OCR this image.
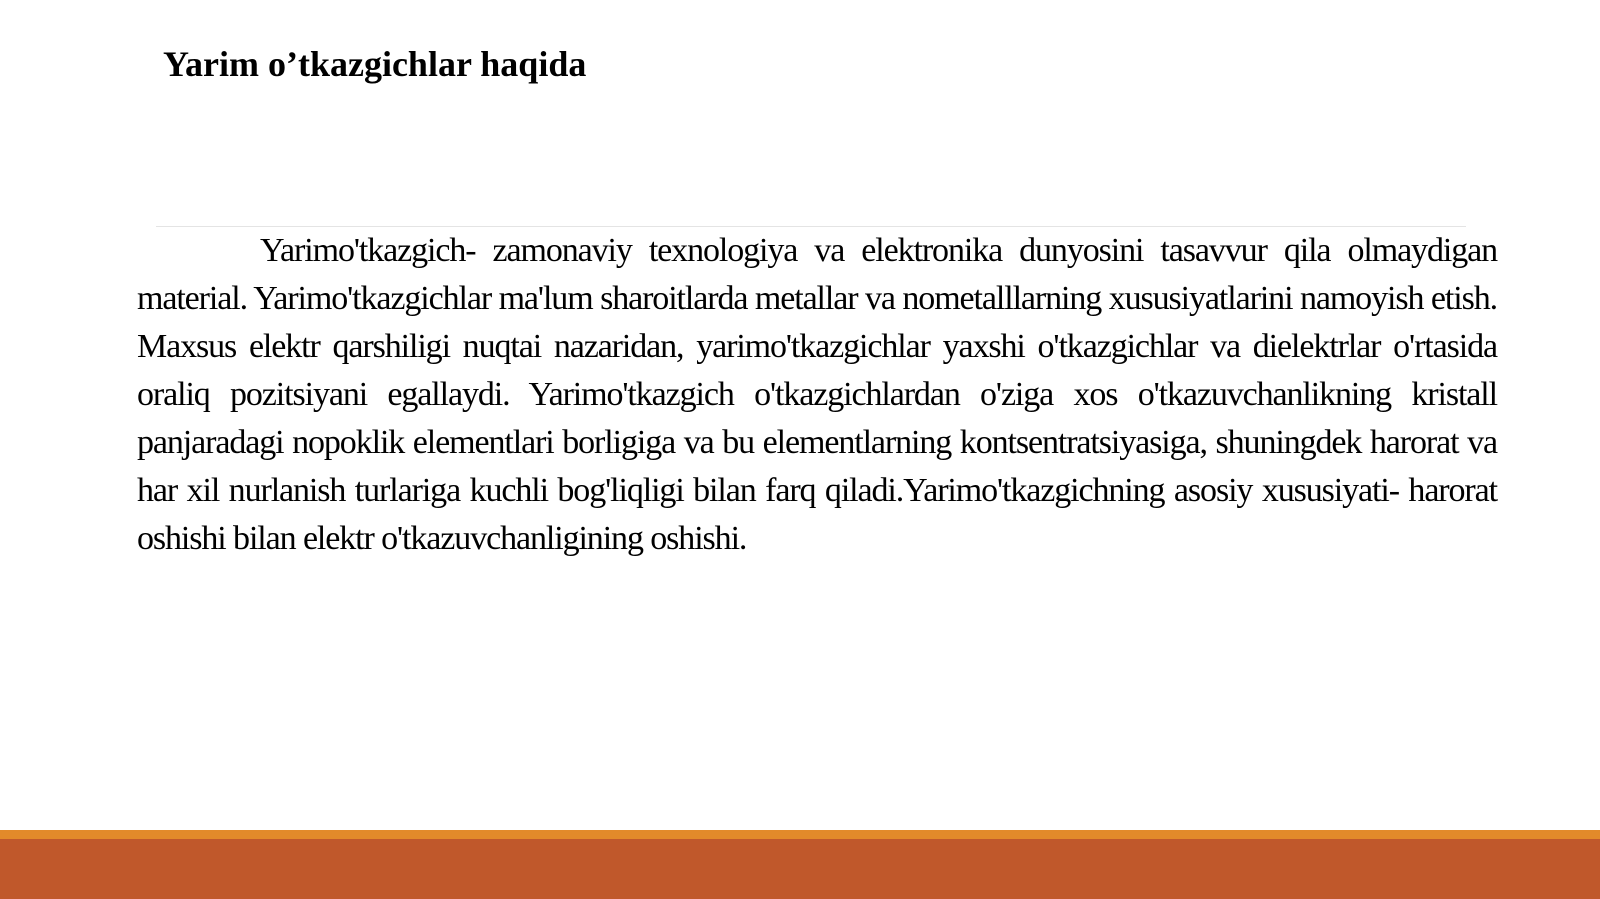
Yarim o’tkazgichlar haqida

Yarimo'tkazgich- zamonaviy texnologiya va elektronika dunyosini tasavvur qila olmaydigan material. Yarimo'tkazgichlar ma'lum sharoitlarda metallar va nometalllarning xususiyatlarini namoyish etish. Maxsus elektr qarshiligi nuqtai nazaridan, yarimo'tkazgichlar yaxshi o'tkazgichlar va dielektrlar o'rtasida oraliq pozitsiyani egallaydi. Yarimo'tkazgich o'tkazgichlardan o'ziga xos o'tkazuvchanlikning kristall panjaradagi nopoklik elementlari borligiga va bu elementlarning kontsentratsiyasiga, shuningdek harorat va har xil nurlanish turlariga kuchli bog'liqligi bilan farq qiladi.Yarimo'tkazgichning asosiy xususiyati- harorat oshishi bilan elektr o'tkazuvchanligining oshishi.
